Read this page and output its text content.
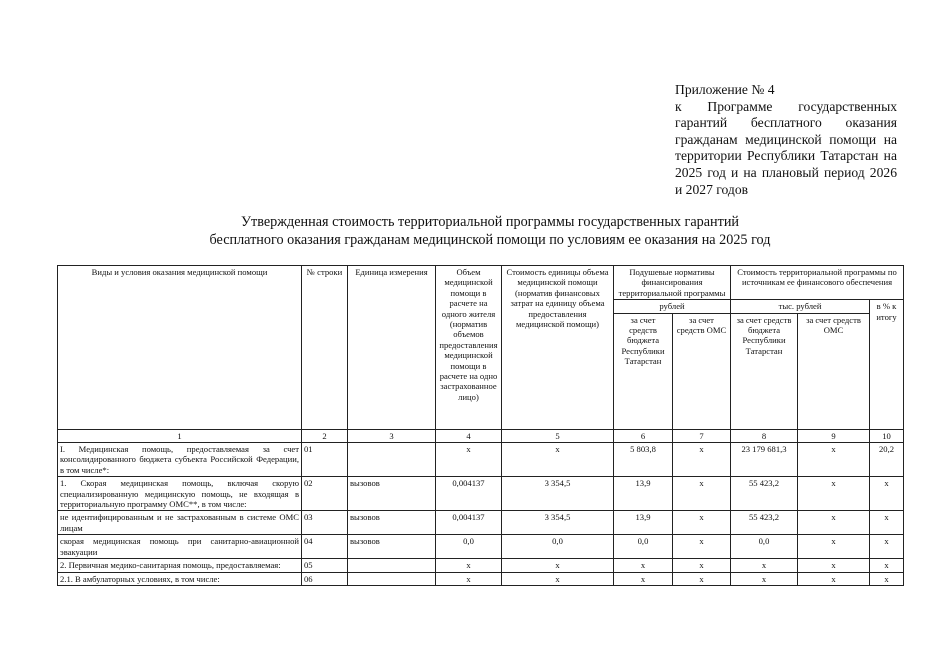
Приложение № 4
к Программе государственных гарантий бесплатного оказания гражданам медицинской помощи на территории Республики Татарстан на 2025 год и на плановый период 2026 и 2027 годов
Утвержденная стоимость территориальной программы государственных гарантий
бесплатного оказания гражданам медицинской помощи по условиям ее оказания на 2025 год
Виды и условия оказания медицинской помощи	№ строки	Единица измерения	Объем медицинской помощи в расчете на одного жителя (норматив объемов предоставления медицинской помощи в расчете на одно застрахованное лицо)	Стоимость единицы объема медицинской помощи (норматив финансовых затрат на единицу объема предоставления медицинской помощи)	Подушевые нормативы финансирования территориальной программы		Стоимость территориальной программы по источникам ее финансового обеспечения		
					рублей		тыс. рублей		в % к итогу
					за счет средств бюджета Республики Татарстан	за счет средств ОМС	за счет средств бюджета Республики Татарстан	за счет средств ОМС	
1	2	3	4	5	6	7	8	9	10
I. Медицинская помощь, предоставляемая за счет консолидированного бюджета субъекта Российской Федерации, в том числе*:	01		x	x	5 803,8	x	23 179 681,3	x	20,2
1. Скорая медицинская помощь, включая скорую специализированную медицинскую помощь, не входящая в территориальную программу ОМС**, в том числе:	02	вызовов	0,004137	3 354,5	13,9	x	55 423,2	x	x
не идентифицированным и не застрахованным в системе ОМС лицам	03	вызовов	0,004137	3 354,5	13,9	x	55 423,2	x	x
скорая медицинская помощь при санитарно-авиационной эвакуации	04	вызовов	0,0	0,0	0,0	x	0,0	x	x
2. Первичная медико-санитарная помощь, предоставляемая:	05		x	x	x	x	x	x	x
2.1. В амбулаторных условиях, в том числе:	06		x	x	x	x	x	x	x
